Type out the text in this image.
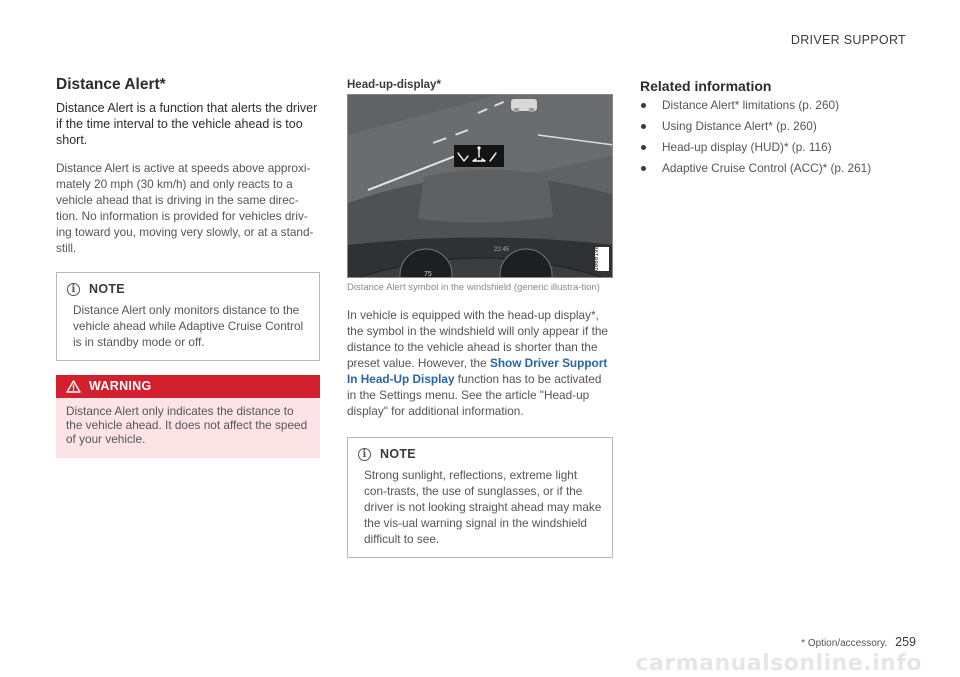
DRIVER SUPPORT
Distance Alert*

Distance Alert is a function that alerts the driver if the time interval to the vehicle ahead is too short.

Distance Alert is active at speeds above approxi-mately 20 mph (30 km/h) and only reacts to a vehicle ahead that is driving in the same direc-tion. No information is provided for vehicles driv-ing toward you, moving very slowly, or at a stand-still.

i	NOTE
Distance Alert only monitors distance to the vehicle ahead while Adaptive Cruise Control is in standby mode or off.
WARNING
Distance Alert only indicates the distance to the vehicle ahead. It does not affect the speed of your vehicle.
Head-up-display*
G060198
22:45
75
Distance Alert symbol in the windshield (generic illustra-tion)

In vehicle is equipped with the head-up display*, the symbol in the windshield will only appear if the distance to the vehicle ahead is shorter than the preset value. However, the Show Driver Support In Head-Up Display function has to be activated in the Settings menu. See the article "Head-up display" for additional information.

i	NOTE
Strong sunlight, reflections, extreme light con-trasts, the use of sunglasses, or if the driver is not looking straight ahead may make the vis-ual warning signal in the windshield difficult to see.
Related information
Distance Alert* limitations (p. 260)
Using Distance Alert* (p. 260)
Head-up display (HUD)* (p. 116)
Adaptive Cruise Control (ACC)* (p. 261)
* Option/accessory. 259
carmanualsonline.info
